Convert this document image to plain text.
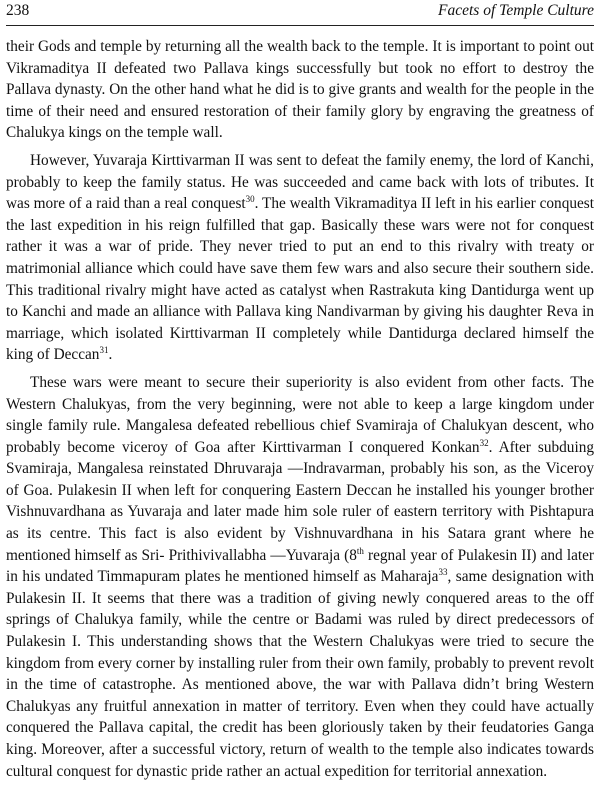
238	Facets of Temple Culture

their Gods and temple by returning all the wealth back to the temple. It is important to point out Vikramaditya II defeated two Pallava kings successfully but took no effort to destroy the Pallava dynasty. On the other hand what he did is to give grants and wealth for the people in the time of their need and ensured restoration of their family glory by engraving the greatness of Chalukya kings on the temple wall.

However, Yuvaraja Kirttivarman II was sent to defeat the family enemy, the lord of Kanchi, probably to keep the family status. He was succeeded and came back with lots of tributes. It was more of a raid than a real conquest$^{30}$. The wealth Vikramaditya II left in his earlier conquest the last expedition in his reign fulfilled that gap. Basically these wars were not for conquest rather it was a war of pride. They never tried to put an end to this rivalry with treaty or matrimonial alliance which could have save them few wars and also secure their southern side. This traditional rivalry might have acted as catalyst when Rastrakuta king Dantidurga went up to Kanchi and made an alliance with Pallava king Nandivarman by giving his daughter Reva in marriage, which isolated Kirttivarman II completely while Dantidurga declared himself the king of Deccan$^{31}$.

These wars were meant to secure their superiority is also evident from other facts. The Western Chalukyas, from the very beginning, were not able to keep a large kingdom under single family rule. Mangalesa defeated rebellious chief Svamiraja of Chalukyan descent, who probably become viceroy of Goa after Kirttivarman I conquered Konkan$^{32}$. After subduing Svamiraja, Mangalesa reinstated Dhruvaraja —Indravarman, probably his son, as the Viceroy of Goa. Pulakesin II when left for conquering Eastern Deccan he installed his younger brother Vishnuvardhana as Yuvaraja and later made him sole ruler of eastern territory with Pishtapura as its centre. This fact is also evident by Vishnuvardhana in his Satara grant where he mentioned himself as Sri- Prithivivallabha —Yuvaraja (8th regnal year of Pulakesin II) and later in his undated Timmapuram plates he mentioned himself as Maharaja$^{33}$, same designation with Pulakesin II. It seems that there was a tradition of giving newly conquered areas to the off springs of Chalukya family, while the centre or Badami was ruled by direct predecessors of Pulakesin I. This understanding shows that the Western Chalukyas were tried to secure the kingdom from every corner by installing ruler from their own family, probably to prevent revolt in the time of catastrophe. As mentioned above, the war with Pallava didn’t bring Western Chalukyas any fruitful annexation in matter of territory. Even when they could have actually conquered the Pallava capital, the credit has been gloriously taken by their feudatories Ganga king. Moreover, after a successful victory, return of wealth to the temple also indicates towards cultural conquest for dynastic pride rather an actual expedition for territorial annexation.
